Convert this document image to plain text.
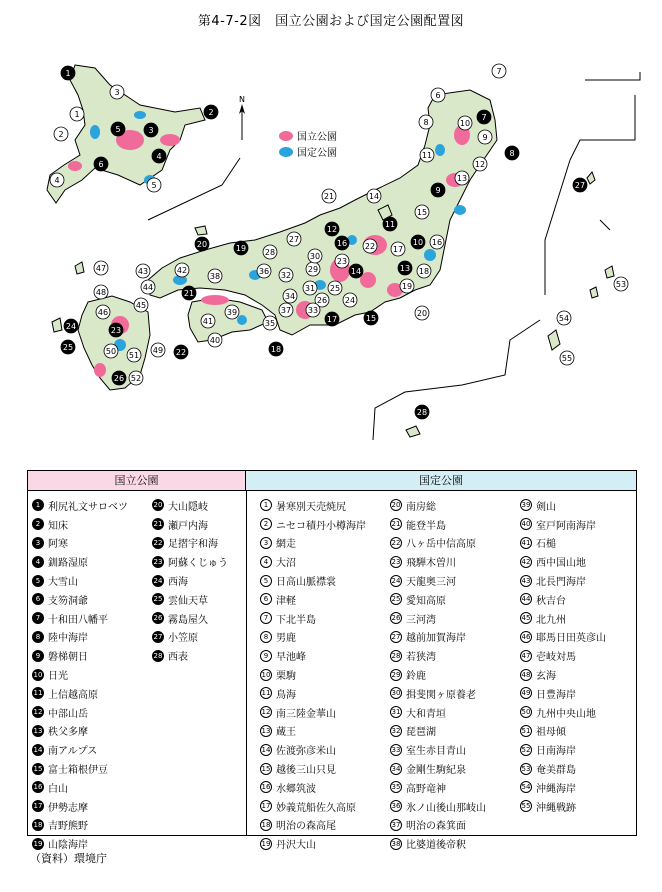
第4-7-2図　国立公園および国定公園配置図
N
国立公園
国定公園
1
2
3
4
5
6
7
8
9
10
11
12
13
14
15
16
17
18
19
20
21
22
23
24
25
26
27
28
1
2
3
4
5
6
7
8
9
10
11
12
13
14
15
16
17
18
19
20
21
22
23
24
25
26
27
28
29
30
31
32
33
34
35
36
37
38
39
40
41
42
43
44
45
46
47
48
49
50 51
52
53
54
55
国立公園	国定公園
1 利尻礼文サロベツ
2 知床
3 阿寒
4 釧路湿原
5 大雪山
6 支笏洞爺
7 十和田八幡平
8 陸中海岸
9 磐梯朝日
10 日光
11 上信越高原
12 中部山岳
13 秩父多摩
14 南アルプス
15 富士箱根伊豆
16 白山
17 伊勢志摩
18 吉野熊野
19 山陰海岸
20 大山隠岐
21 瀬戸内海
22 足摺宇和海
23 阿蘇くじゅう
24 西海
25 雲仙天草
26 霧島屋久
27 小笠原
28 西表
1 暑寒別天売焼尻
2 ニセコ積丹小樽海岸
3 網走
4 大沼
5 日高山脈襟裳
6 津軽
7 下北半島
8 男鹿
9 早池峰
10 栗駒
11 鳥海
12 南三陸金華山
13 蔵王
14 佐渡弥彦米山
15 越後三山只見
16 水郷筑波
17 妙義荒船佐久高原
18 明治の森高尾
19 丹沢大山
20 南房総
21 能登半島
22 八ヶ岳中信高原
23 飛騨木曽川
24 天龍奥三河
25 愛知高原
26 三河湾
27 越前加賀海岸
28 若狭湾
29 鈴鹿
30 揖斐関ヶ原養老
31 大和青垣
32 琵琶湖
33 室生赤目青山
34 金剛生駒紀泉
35 高野竜神
36 氷ノ山後山那岐山
37 明治の森箕面
38 比婆道後帝釈
39 剣山
40 室戸阿南海岸
41 石槌
42 西中国山地
43 北長門海岸
44 秋吉台
45 北九州
46 耶馬日田英彦山
47 壱岐対馬
48 玄海
49 日豊海岸
50 九州中央山地
51 祖母傾
52 日南海岸
53 奄美群島
54 沖縄海岸
55 沖縄戦跡
（資料）環境庁
